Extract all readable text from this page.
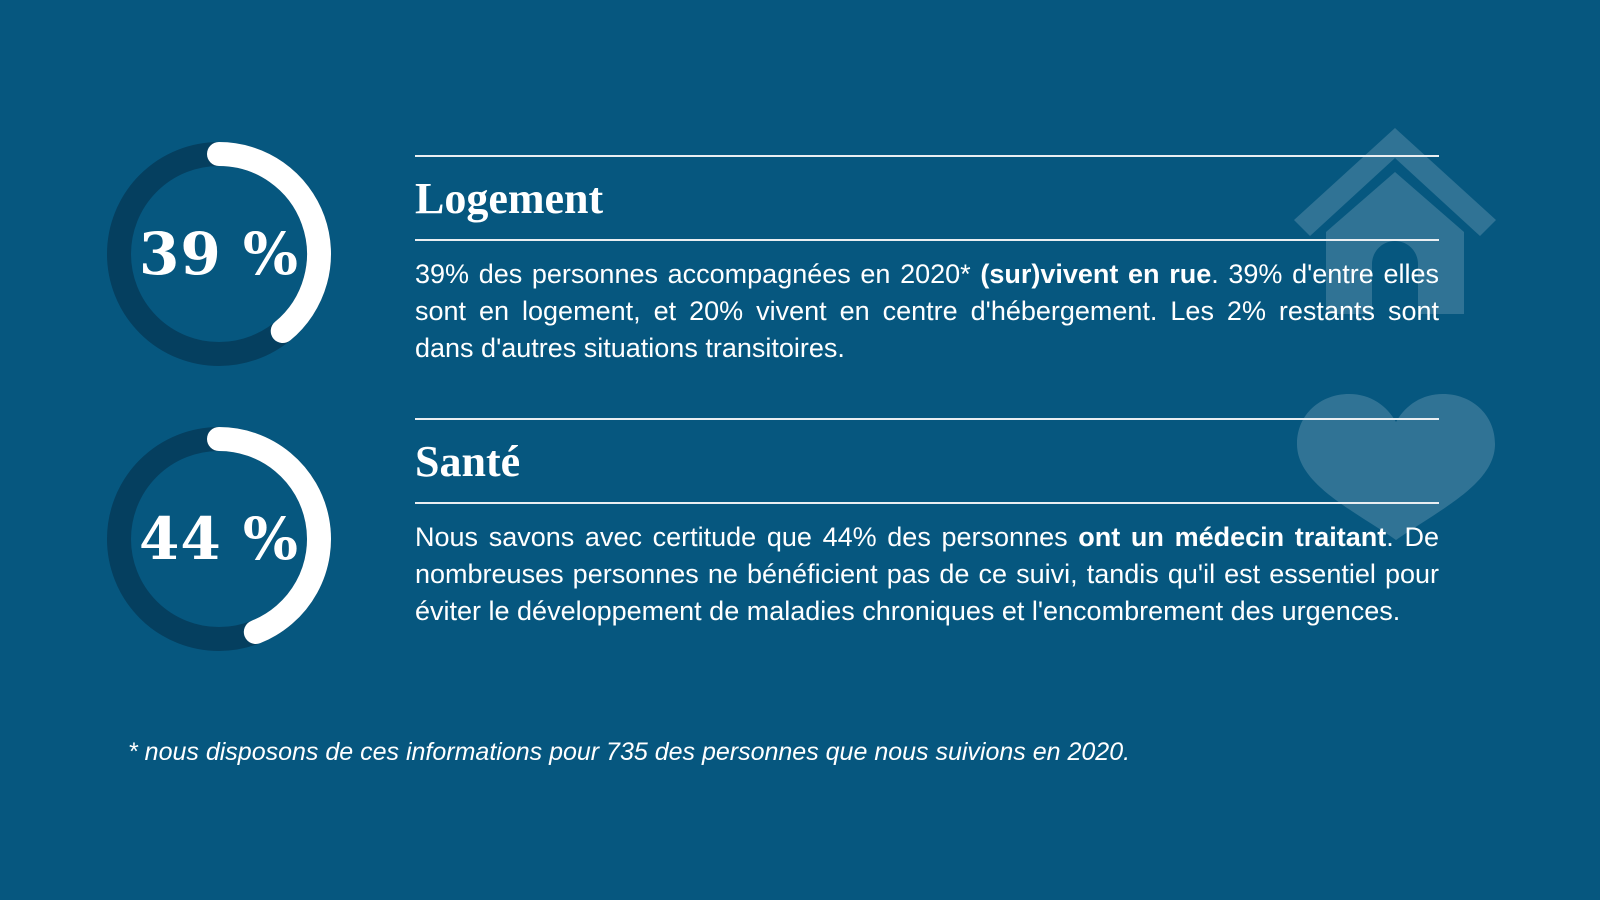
39 %
44 %
Logement
39% des personnes accompagnées en 2020* (sur)vivent en rue. 39% d'entre elles sont en logement, et 20% vivent en centre d'hébergement. Les 2% restants sont dans d'autres situations transitoires.
Santé
Nous savons avec certitude que 44% des personnes ont un médecin traitant. De nombreuses personnes ne bénéficient pas de ce suivi, tandis qu'il est essentiel pour éviter le développement de maladies chroniques et l'encombrement des urgences.
* nous disposons de ces informations pour 735 des personnes que nous suivions en 2020.
